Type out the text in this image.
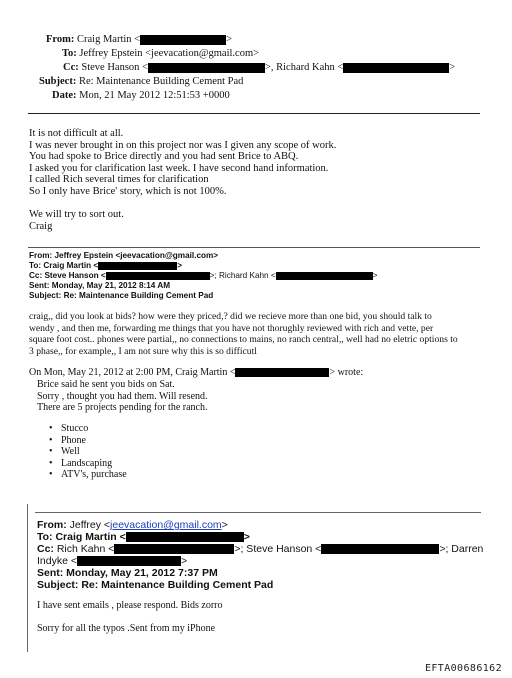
From: Craig Martin <	>
To: Jeffrey Epstein <jeevacation@gmail.com>
Cc: Steve Hanson <	>, Richard Kahn <	>
Subject: Re: Maintenance Building Cement Pad
Date: Mon, 21 May 2012 12:51:53 +0000
It is not difficult at all.
I was never brought in on this project nor was I given any scope of work.
You had spoke to Brice directly and you had sent Brice to ABQ.
I asked you for clarification last week. I have second hand information.
I called Rich several times for clarification
So I only have Brice' story, which is not 100%.
We will try to sort out.
Craig
From: Jeffrey Epstein <jeevacation@gmail.com>
To: Craig Martin <	>
Cc: Steve Hanson <	>; Richard Kahn <	>
Sent: Monday, May 21, 2012 8:14 AM
Subject: Re: Maintenance Building Cement Pad
craig,, did you look at bids? how were they priced,? did we recieve more than one bid, you should talk to
wendy , and then me, forwarding me things that you have not thorughly reviewed with rich and vette, per
square foot cost.. phones were partial,, no connections to mains, no ranch central,, well had no eletric options to
3 phase,, for example,, I am not sure why this is so difficutl
On Mon, May 21, 2012 at 2:00 PM, Craig Martin <	> wrote:
Brice said he sent you bids on Sat.
Sorry , thought you had them. Will resend.
There are 5 projects pending for the ranch.
• Stucco
• Phone
• Well
• Landscaping
• ATV's, purchase
From: Jeffrey <jeevacation@gmail.com>
To: Craig Martin <	>
Cc: Rich Kahn <	>; Steve Hanson <	>; Darren
Indyke <	>
Sent: Monday, May 21, 2012 7:37 PM
Subject: Re: Maintenance Building Cement Pad
I have sent emails , please respond. Bids zorro
Sorry for all the typos .Sent from my iPhone
EFTA00686162
